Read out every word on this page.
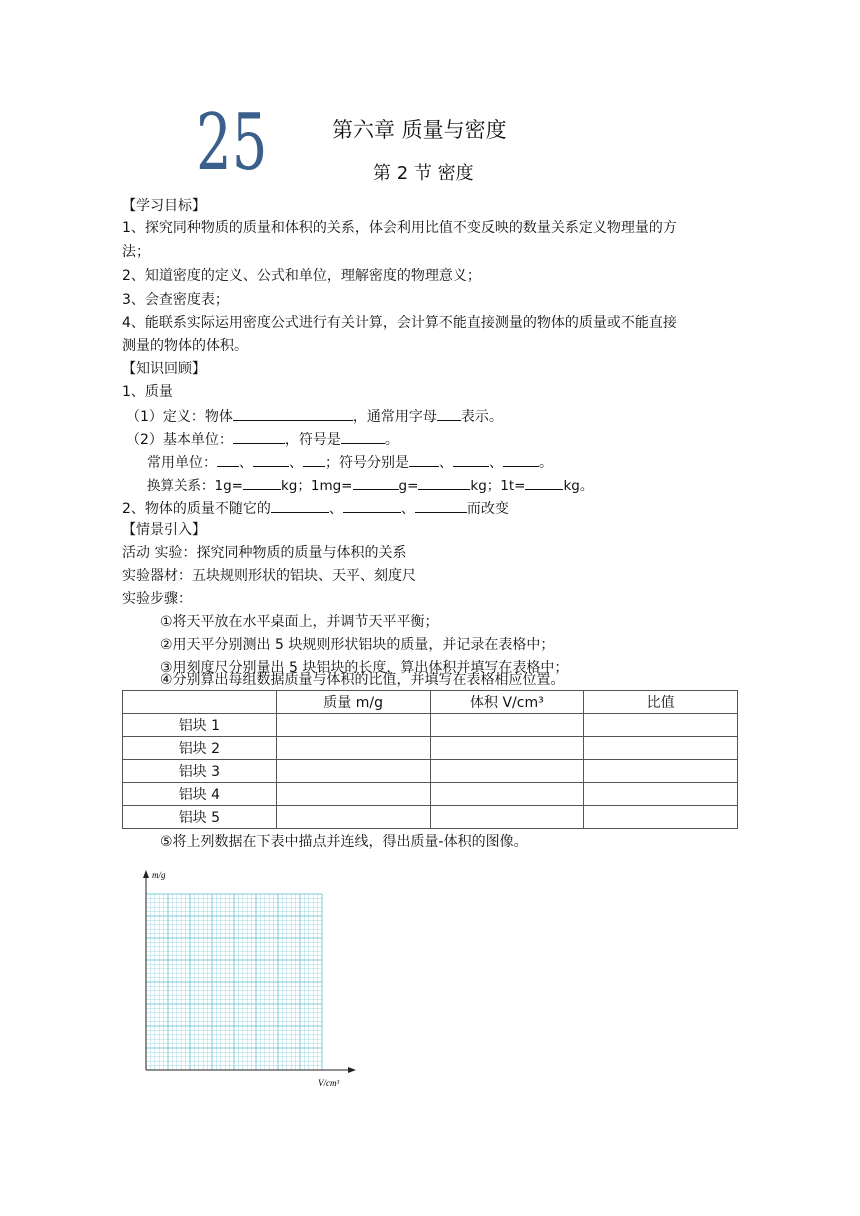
25	第六章 质量与密度
第 2 节 密度
【学习目标】
1、探究同种物质的质量和体积的关系，体会利用比值不变反映的数量关系定义物理量的方
法；
2、知道密度的定义、公式和单位，理解密度的物理意义；
3、会查密度表；
4、能联系实际运用密度公式进行有关计算，会计算不能直接测量的物体的质量或不能直接
测量的物体的体积。
【知识回顾】
1、质量
（1）定义：物体	，通常用字母 表示。
（2）基本单位：	，符号是	。
常用单位： 、	、 ；符号分别是 、	、	。
换算关系：1g=	kg；1mg=	g=	kg；1t=	kg。
2、物体的质量不随它的	、	、	而改变
【情景引入】
活动 实验：探究同种物质的质量与体积的关系
实验器材：五块规则形状的铝块、天平、刻度尺
实验步骤：
①将天平放在水平桌面上，并调节天平平衡；
②用天平分别测出 5 块规则形状铝块的质量，并记录在表格中；
③用刻度尺分别量出 5 块铝块的长度，算出体积并填写在表格中；
④分别算出每组数据质量与体积的比值，并填写在表格相应位置。
	质量 m/g	体积 V/cm³	比值
铝块 1			
铝块 2			
铝块 3			
铝块 4			
铝块 5			
⑤将上列数据在下表中描点并连线，得出质量-体积的图像。
m/g
V/cm³
